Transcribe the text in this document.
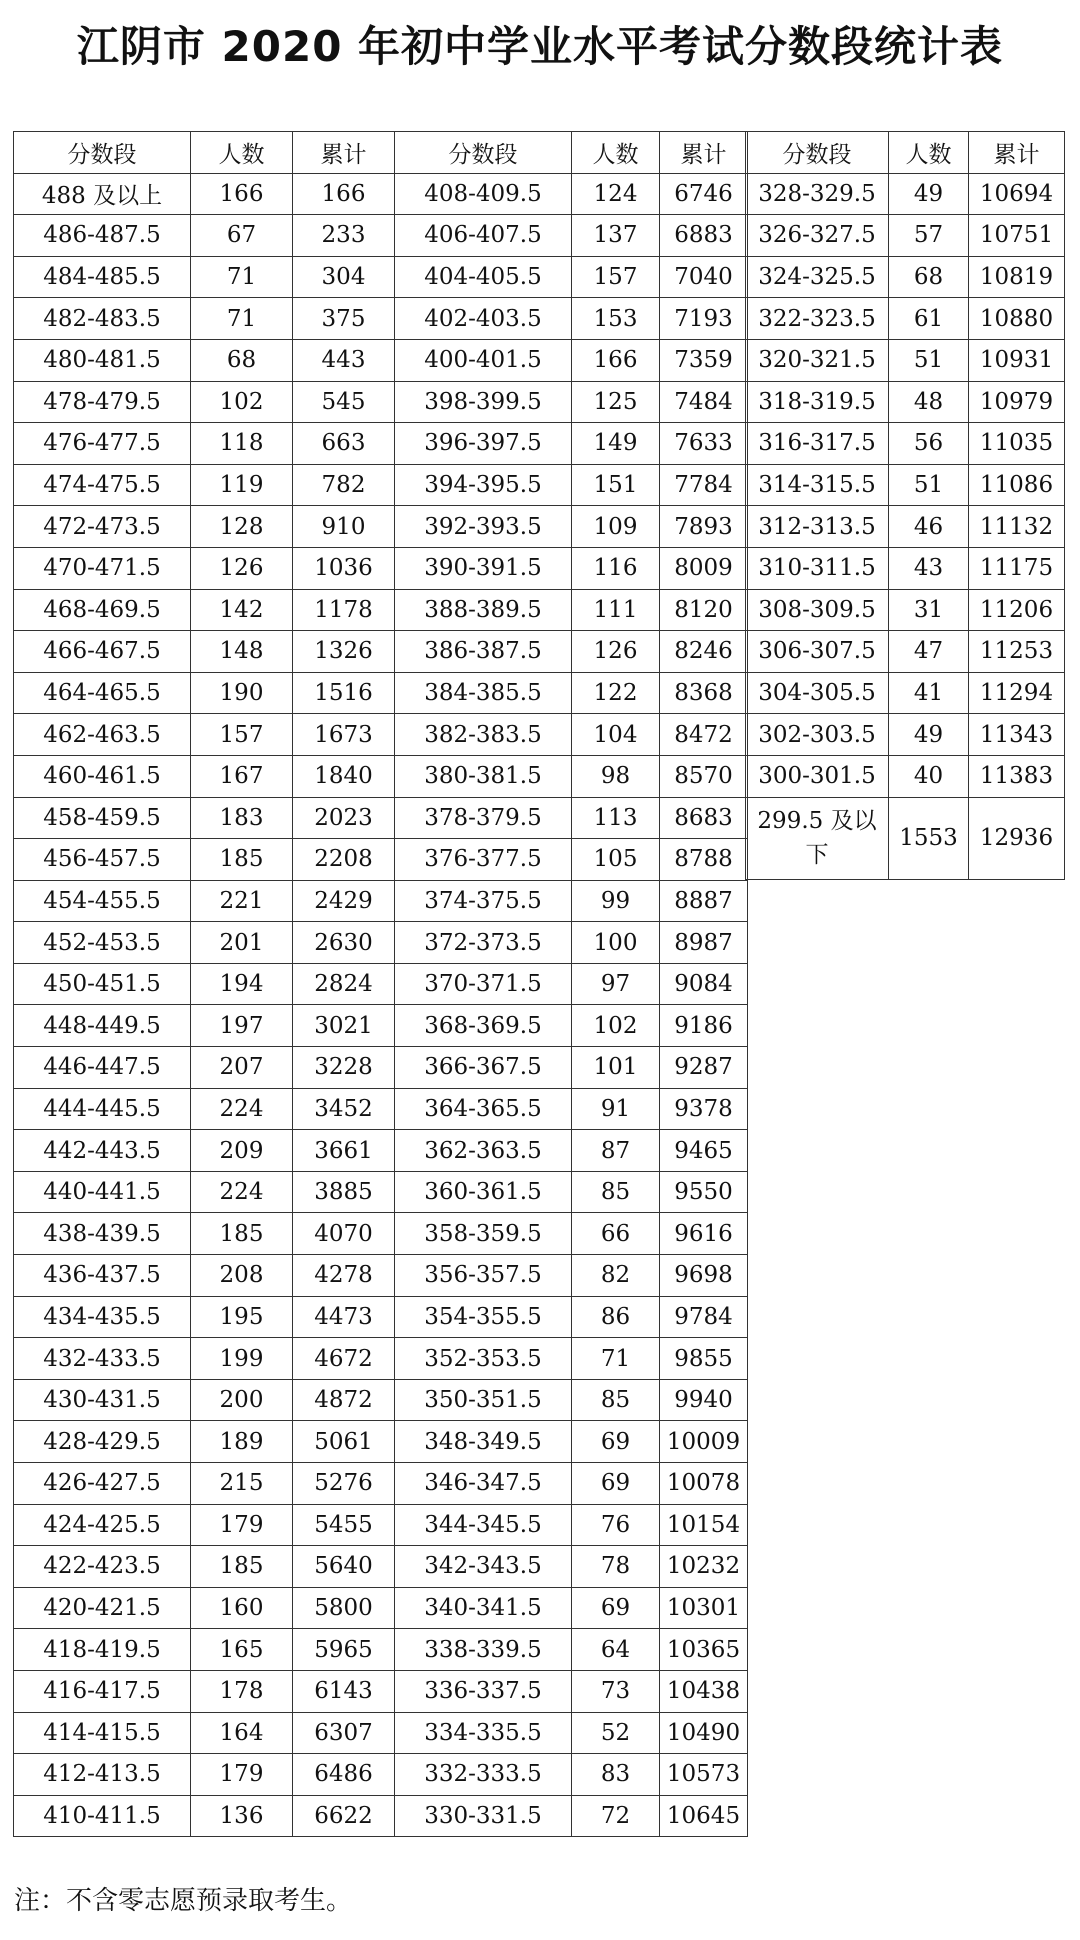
江阴市 2020 年初中学业水平考试分数段统计表
分数段	人数	累计	分数段	人数	累计
488 及以上	166	166	408-409.5	124	6746
486-487.5	67	233	406-407.5	137	6883
484-485.5	71	304	404-405.5	157	7040
482-483.5	71	375	402-403.5	153	7193
480-481.5	68	443	400-401.5	166	7359
478-479.5	102	545	398-399.5	125	7484
476-477.5	118	663	396-397.5	149	7633
474-475.5	119	782	394-395.5	151	7784
472-473.5	128	910	392-393.5	109	7893
470-471.5	126	1036	390-391.5	116	8009
468-469.5	142	1178	388-389.5	111	8120
466-467.5	148	1326	386-387.5	126	8246
464-465.5	190	1516	384-385.5	122	8368
462-463.5	157	1673	382-383.5	104	8472
460-461.5	167	1840	380-381.5	98	8570
458-459.5	183	2023	378-379.5	113	8683
456-457.5	185	2208	376-377.5	105	8788
454-455.5	221	2429	374-375.5	99	8887
452-453.5	201	2630	372-373.5	100	8987
450-451.5	194	2824	370-371.5	97	9084
448-449.5	197	3021	368-369.5	102	9186
446-447.5	207	3228	366-367.5	101	9287
444-445.5	224	3452	364-365.5	91	9378
442-443.5	209	3661	362-363.5	87	9465
440-441.5	224	3885	360-361.5	85	9550
438-439.5	185	4070	358-359.5	66	9616
436-437.5	208	4278	356-357.5	82	9698
434-435.5	195	4473	354-355.5	86	9784
432-433.5	199	4672	352-353.5	71	9855
430-431.5	200	4872	350-351.5	85	9940
428-429.5	189	5061	348-349.5	69	10009
426-427.5	215	5276	346-347.5	69	10078
424-425.5	179	5455	344-345.5	76	10154
422-423.5	185	5640	342-343.5	78	10232
420-421.5	160	5800	340-341.5	69	10301
418-419.5	165	5965	338-339.5	64	10365
416-417.5	178	6143	336-337.5	73	10438
414-415.5	164	6307	334-335.5	52	10490
412-413.5	179	6486	332-333.5	83	10573
410-411.5	136	6622	330-331.5	72	10645
分数段	人数	累计
328-329.5	49	10694
326-327.5	57	10751
324-325.5	68	10819
322-323.5	61	10880
320-321.5	51	10931
318-319.5	48	10979
316-317.5	56	11035
314-315.5	51	11086
312-313.5	46	11132
310-311.5	43	11175
308-309.5	31	11206
306-307.5	47	11253
304-305.5	41	11294
302-303.5	49	11343
300-301.5	40	11383
299.5 及以下	1553	12936
注：不含零志愿预录取考生。
